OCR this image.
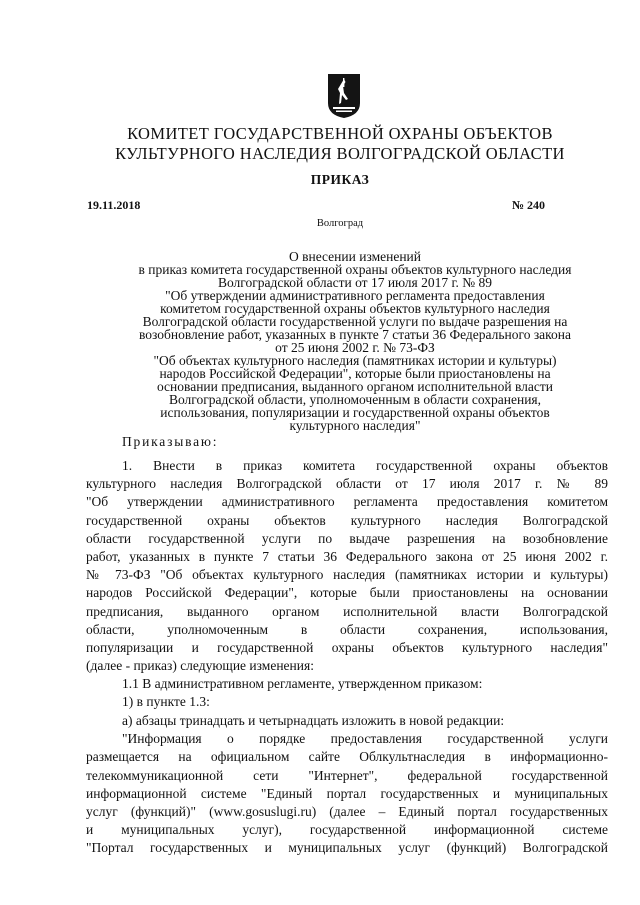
КОМИТЕТ ГОСУДАРСТВЕННОЙ ОХРАНЫ ОБЪЕКТОВ
КУЛЬТУРНОГО НАСЛЕДИЯ ВОЛГОГРАДСКОЙ ОБЛАСТИ
ПРИКАЗ
19.11.2018	№ 240
Волгоград
О внесении изменений
в приказ комитета государственной охраны объектов культурного наследия
Волгоградской области от 17 июля 2017 г. № 89
"Об утверждении административного регламента предоставления
комитетом государственной охраны объектов культурного наследия
Волгоградской области государственной услуги по выдаче разрешения на
возобновление работ, указанных в пункте 7 статьи 36 Федерального закона
от 25 июня 2002 г. № 73-ФЗ
"Об объектах культурного наследия (памятниках истории и культуры)
народов Российской Федерации", которые были приостановлены на
основании предписания, выданного органом исполнительной власти
Волгоградской области, уполномоченным в области сохранения,
использования, популяризации и государственной охраны объектов
культурного наследия"
Приказываю:
1. Внести в приказ комитета государственной охраны объектов
культурного наследия Волгоградской области от 17 июля 2017 г. № 89
"Об утверждении административного регламента предоставления комитетом
государственной охраны объектов культурного наследия Волгоградской
области государственной услуги по выдаче разрешения на возобновление
работ, указанных в пункте 7 статьи 36 Федерального закона от 25 июня 2002 г.
№ 73-ФЗ "Об объектах культурного наследия (памятниках истории и культуры)
народов Российской Федерации", которые были приостановлены на основании
предписания, выданного органом исполнительной власти Волгоградской
области, уполномоченным в области сохранения, использования,
популяризации и государственной охраны объектов культурного наследия"
(далее - приказ) следующие изменения:
1.1 В административном регламенте, утвержденном приказом:
1) в пункте 1.3:
а) абзацы тринадцать и четырнадцать изложить в новой редакции:
"Информация о порядке предоставления государственной услуги
размещается на официальном сайте Облкультнаследия в информационно-
телекоммуникационной сети "Интернет", федеральной государственной
информационной системе "Единый портал государственных и муниципальных
услуг (функций)" (www.gosuslugi.ru) (далее – Единый портал государственных
и муниципальных услуг), государственной информационной системе
"Портал государственных и муниципальных услуг (функций) Волгоградской
